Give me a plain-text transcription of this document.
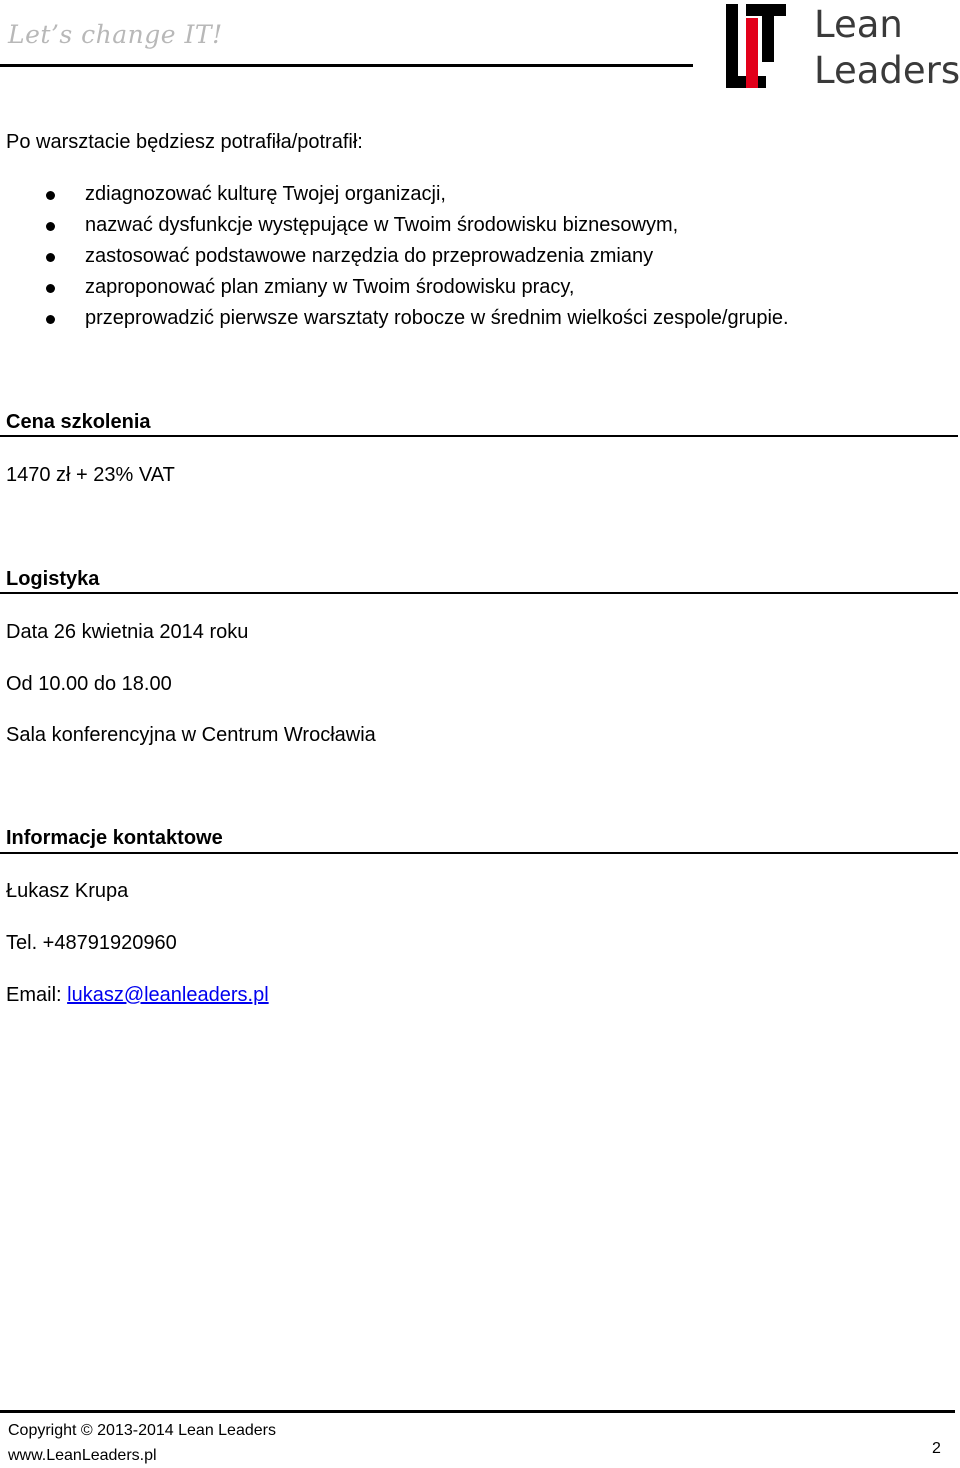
Let’s change IT!	Lean
Leaders
Po warsztacie będziesz potrafiła/potrafił:
zdiagnozować kulturę Twojej organizacji,
nazwać dysfunkcje występujące w Twoim środowisku biznesowym,
zastosować podstawowe narzędzia do przeprowadzenia zmiany
zaproponować plan zmiany w Twoim środowisku pracy,
przeprowadzić pierwsze warsztaty robocze w średnim wielkości zespole/grupie.
Cena szkolenia
1470 zł + 23% VAT
Logistyka
Data 26 kwietnia 2014 roku
Od 10.00 do 18.00
Sala konferencyjna w Centrum Wrocławia
Informacje kontaktowe
Łukasz Krupa
Tel. +48791920960
Email: lukasz@leanleaders.pl
Copyright © 2013-2014 Lean Leaders
www.LeanLeaders.pl	2
